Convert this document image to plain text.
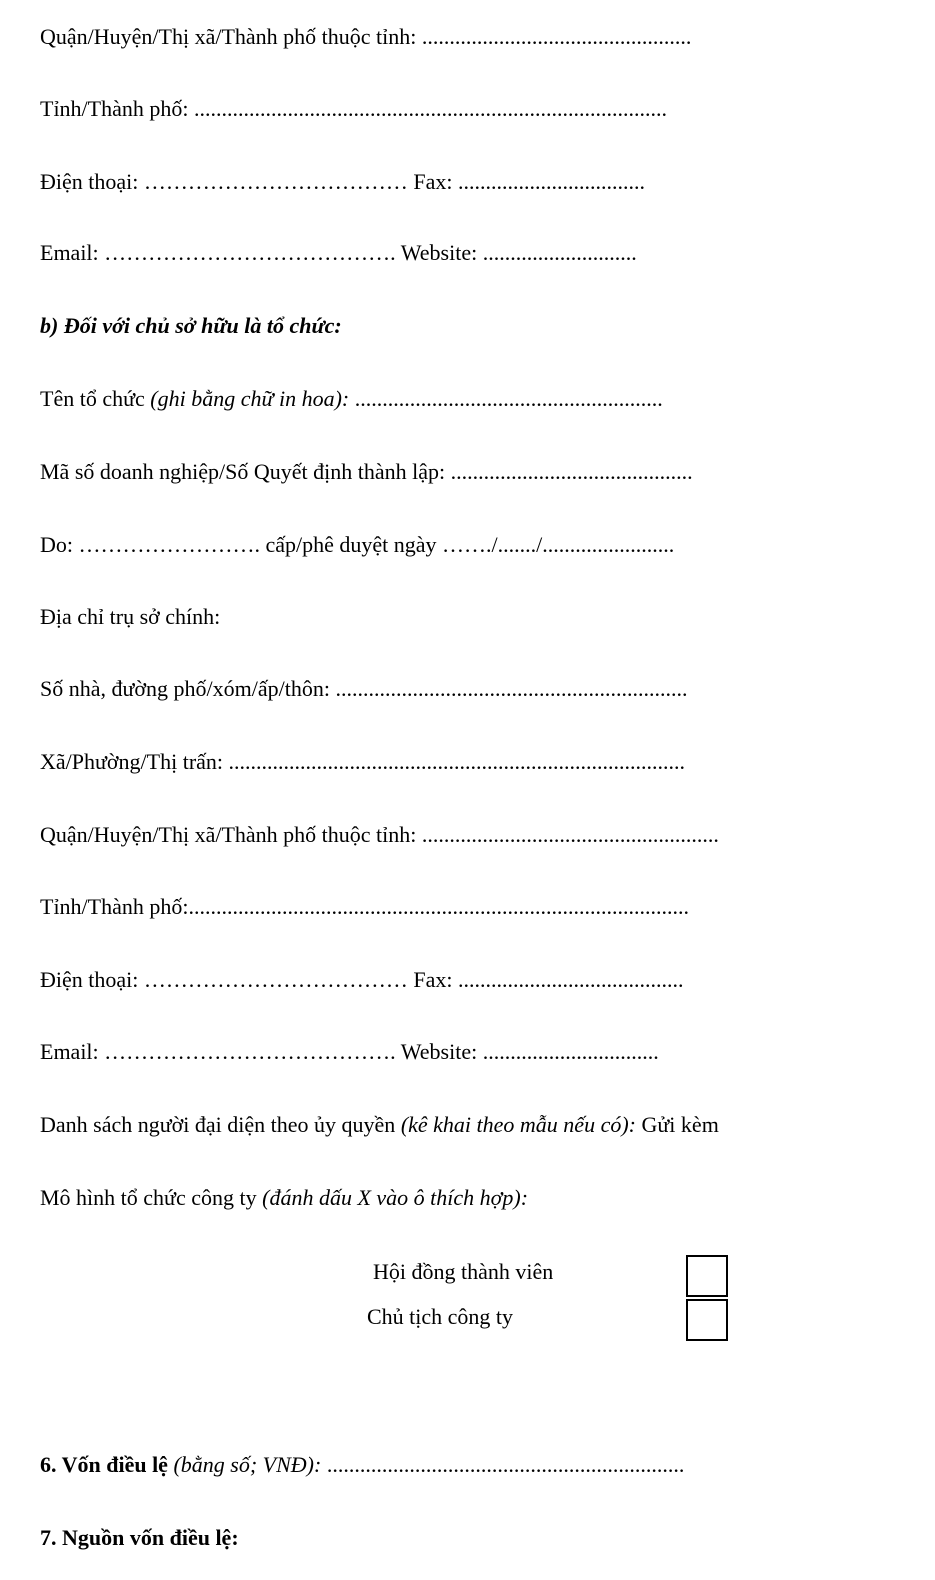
Quận/Huyện/Thị xã/Thành phố thuộc tỉnh: .................................................
Tỉnh/Thành phố: ......................................................................................
Điện thoại: ……………………………… Fax: ..................................
Email: …………………………………. Website: ............................
b) Đối với chủ sở hữu là tổ chức:
Tên tổ chức (ghi bằng chữ in hoa): ........................................................
Mã số doanh nghiệp/Số Quyết định thành lập: ............................................
Do: ……………………. cấp/phê duyệt ngày ……./......./........................
Địa chỉ trụ sở chính:
Số nhà, đường phố/xóm/ấp/thôn: ................................................................
Xã/Phường/Thị trấn: ...................................................................................
Quận/Huyện/Thị xã/Thành phố thuộc tỉnh: ......................................................
Tỉnh/Thành phố:...........................................................................................
Điện thoại: ……………………………… Fax: .........................................
Email: …………………………………. Website: ................................
Danh sách người đại diện theo ủy quyền (kê khai theo mẫu nếu có): Gửi kèm
Mô hình tổ chức công ty (đánh dấu X vào ô thích hợp):
Hội đồng thành viên
Chủ tịch công ty
6. Vốn điều lệ (bằng số; VNĐ): .................................................................
7. Nguồn vốn điều lệ:
